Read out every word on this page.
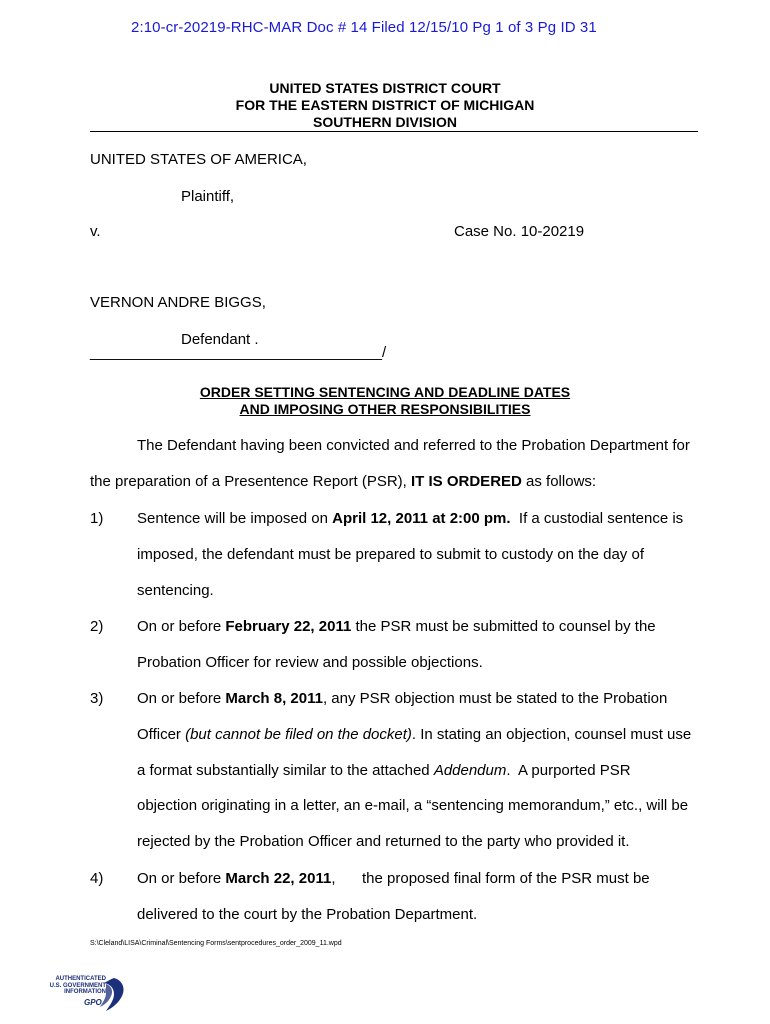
2:10-cr-20219-RHC-MAR Doc # 14 Filed 12/15/10 Pg 1 of 3 Pg ID 31
UNITED STATES DISTRICT COURT
FOR THE EASTERN DISTRICT OF MICHIGAN
SOUTHERN DIVISION
UNITED STATES OF AMERICA,
Plaintiff,
v.	Case No. 10-20219
VERNON ANDRE BIGGS,
Defendant .
___________________________________/
ORDER SETTING SENTENCING AND DEADLINE DATES
AND IMPOSING OTHER RESPONSIBILITIES
The Defendant having been convicted and referred to the Probation Department for
the preparation of a Presentence Report (PSR), IT IS ORDERED as follows:
1) Sentence will be imposed on April 12, 2011 at 2:00 pm.  If a custodial sentence is
imposed, the defendant must be prepared to submit to custody on the day of
sentencing.
2) On or before February 22, 2011 the PSR must be submitted to counsel by the
Probation Officer for review and possible objections.
3) On or before March 8, 2011, any PSR objection must be stated to the Probation
Officer (but cannot be filed on the docket). In stating an objection, counsel must use
a format substantially similar to the attached Addendum.  A purported PSR
objection originating in a letter, an e-mail, a “sentencing memorandum,” etc., will be
rejected by the Probation Officer and returned to the party who provided it.
4) On or before March 22, 2011, the proposed final form of the PSR must be
delivered to the court by the Probation Department.
S:\Cleland\LISA\Criminal\Sentencing Forms\sentprocedures_order_2009_11.wpd
AUTHENTICATED
U.S. GOVERNMENT
INFORMATION
GPO
